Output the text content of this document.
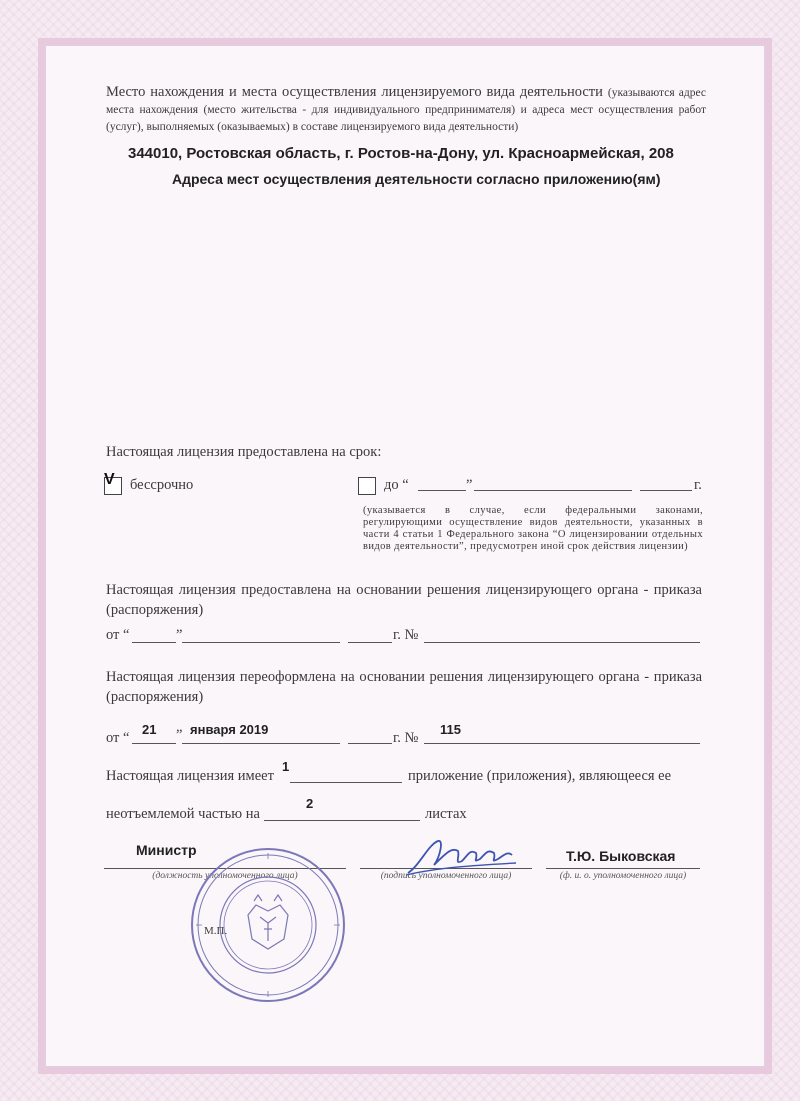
Место нахождения и места осуществления лицензируемого вида деятельности (указываются адрес места нахождения (место жительства - для индивидуального предпринимателя) и адреса мест осуществления работ (услуг), выполняемых (оказываемых) в составе лицензируемого вида деятельности)
344010, Ростовская область, г. Ростов-на-Дону, ул. Красноармейская, 208
Адреса мест осуществления деятельности согласно приложению(ям)
Настоящая лицензия предоставлена на срок:
V бессрочно	до “	”	г.
(указывается в случае, если федеральными законами, регулирующими осуществление видов деятельности, указанных в части 4 статьи 1 Федерального закона “О лицензировании отдельных видов деятельности”, предусмотрен иной срок действия лицензии)
Настоящая лицензия предоставлена на основании решения лицензирующего органа - приказа (распоряжения)
от “	”	г. №
Настоящая лицензия переоформлена на основании решения лицензирующего органа - приказа (распоряжения)
от “
21 ” января 2019
г. №
115
Настоящая лицензия имеет
1
приложение (приложения), являющееся ее
неотъемлемой частью на
2
листах
Министр
(должность уполномоченного лица)	(подпись уполномоченного лица)
Т.Ю. Быковская
(ф. и. о. уполномоченного лица)
М.П.
